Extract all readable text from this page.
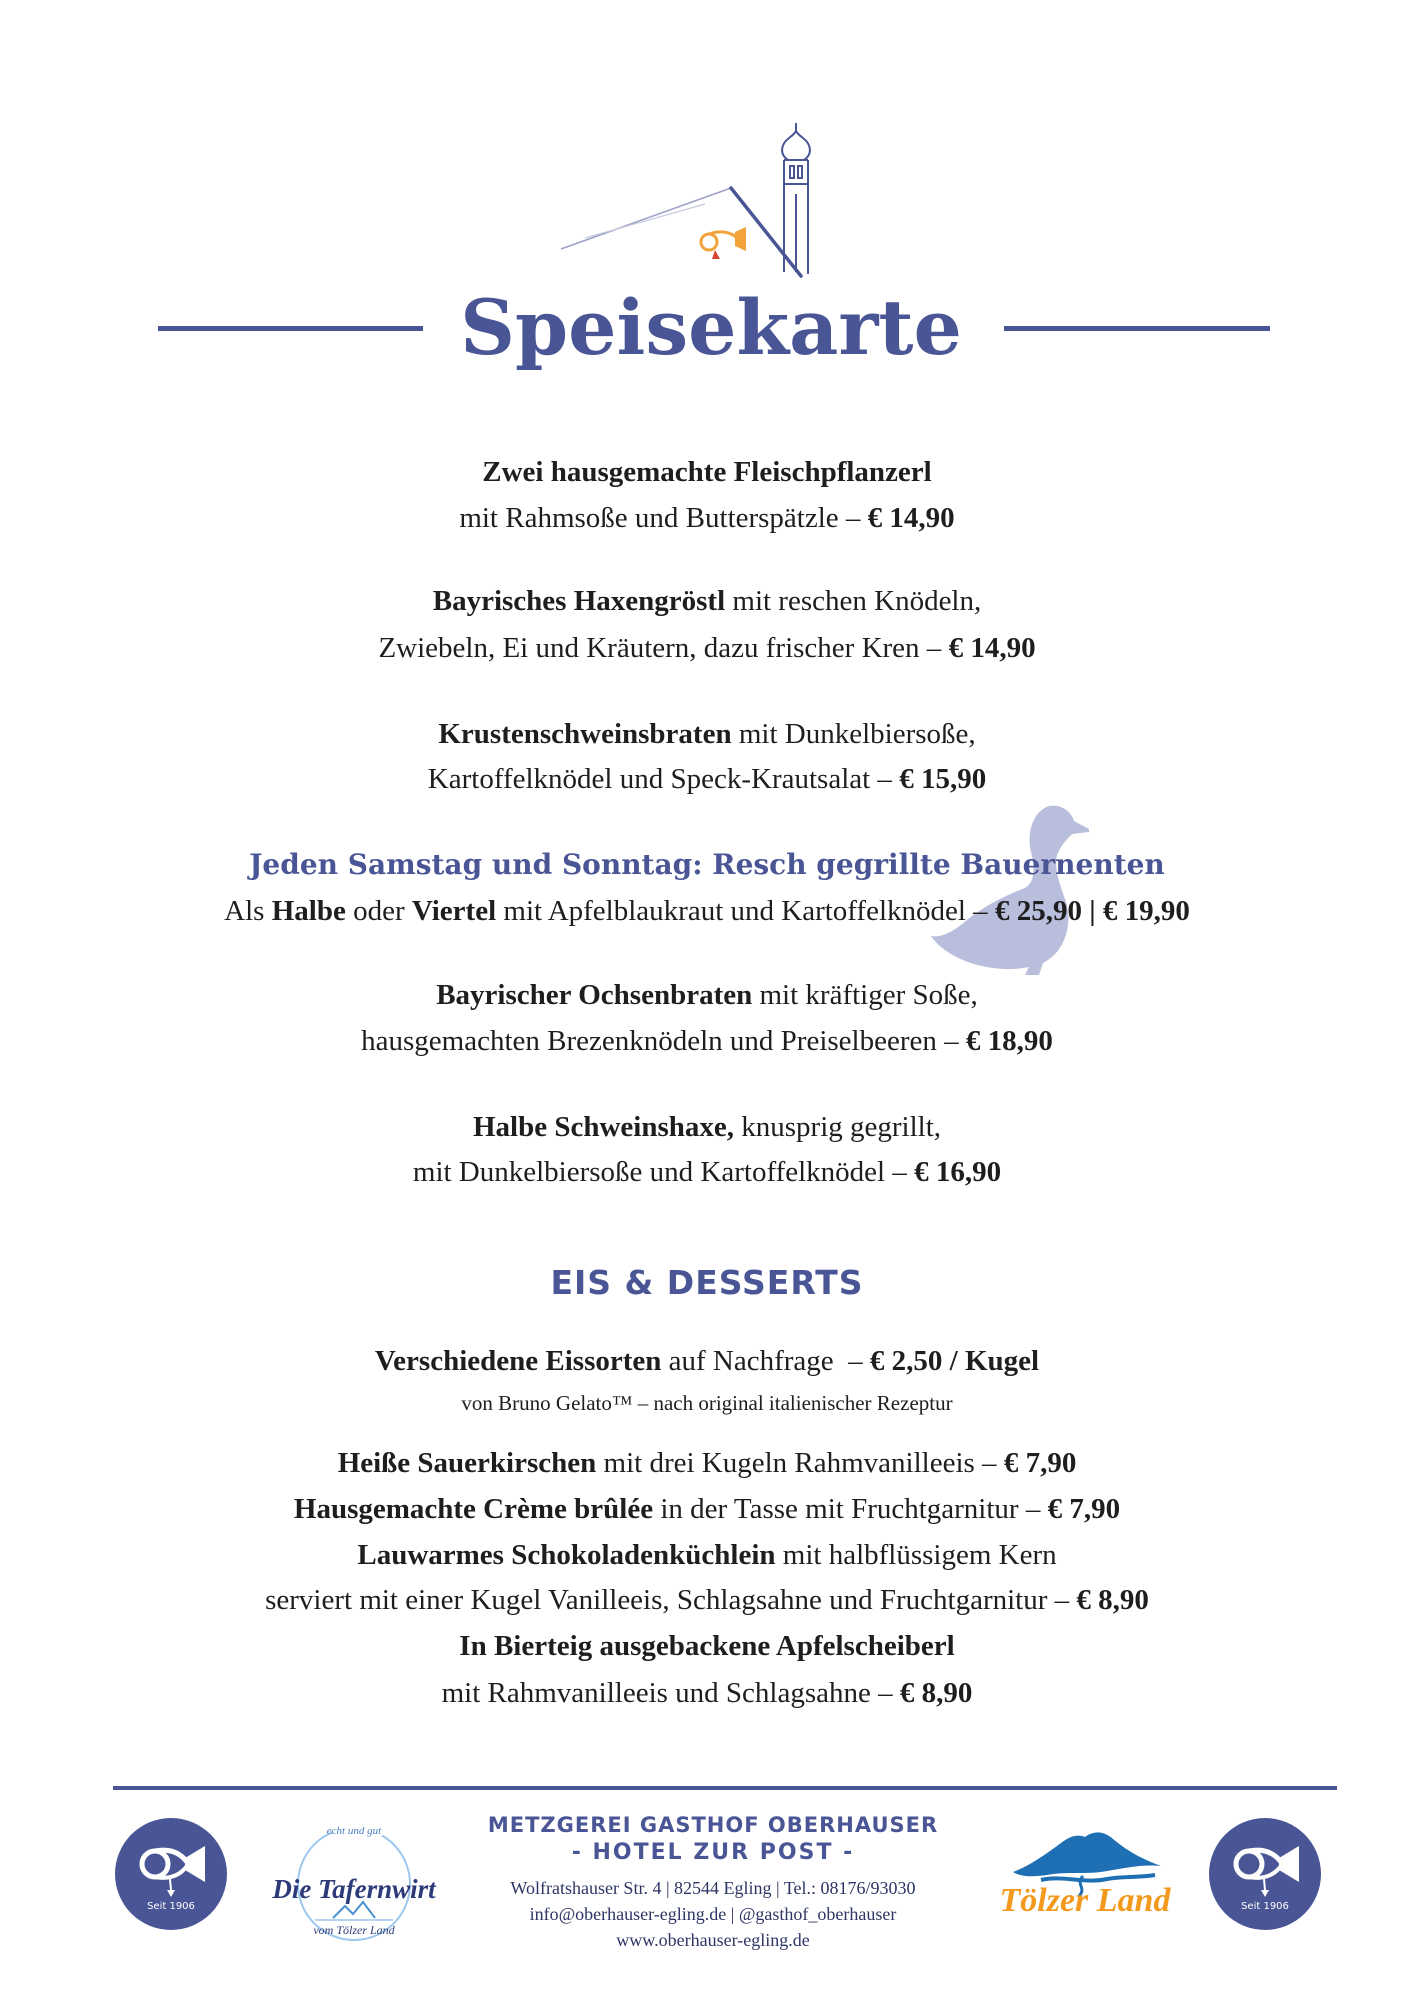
Speisekarte
Zwei hausgemachte Fleischpflanzerl
mit Rahmsoße und Butterspätzle – € 14,90
Bayrisches Haxengröstl mit reschen Knödeln,
Zwiebeln, Ei und Kräutern, dazu frischer Kren – € 14,90
Krustenschweinsbraten mit Dunkelbiersoße,
Kartoffelknödel und Speck-Krautsalat – € 15,90
Jeden Samstag und Sonntag: Resch gegrillte Bauernenten
Als Halbe oder Viertel mit Apfelblaukraut und Kartoffelknödel – € 25,90 | € 19,90
Bayrischer Ochsenbraten mit kräftiger Soße,
hausgemachten Brezenknödeln und Preiselbeeren – € 18,90
Halbe Schweinshaxe, knusprig gegrillt,
mit Dunkelbiersoße und Kartoffelknödel – € 16,90
EIS & DESSERTS
Verschiedene Eissorten auf Nachfrage  – € 2,50 / Kugel
von Bruno Gelato™ – nach original italienischer Rezeptur
Heiße Sauerkirschen mit drei Kugeln Rahmvanilleeis – € 7,90
Hausgemachte Crème brûlée in der Tasse mit Fruchtgarnitur – € 7,90
Lauwarmes Schokoladenküchlein mit halbflüssigem Kern
serviert mit einer Kugel Vanilleeis, Schlagsahne und Fruchtgarnitur – € 8,90
In Bierteig ausgebackene Apfelscheiberl
mit Rahmvanilleeis und Schlagsahne – € 8,90
Seit 1906
echt und gut
Die Tafernwirt
vom Tölzer Land
METZGEREI GASTHOF OBERHAUSER
- HOTEL ZUR POST -
Wolfratshauser Str. 4 | 82544 Egling | Tel.: 08176/93030
info@oberhauser-egling.de | @gasthof_oberhauser
www.oberhauser-egling.de
Tölzer Land	Seit 1906
